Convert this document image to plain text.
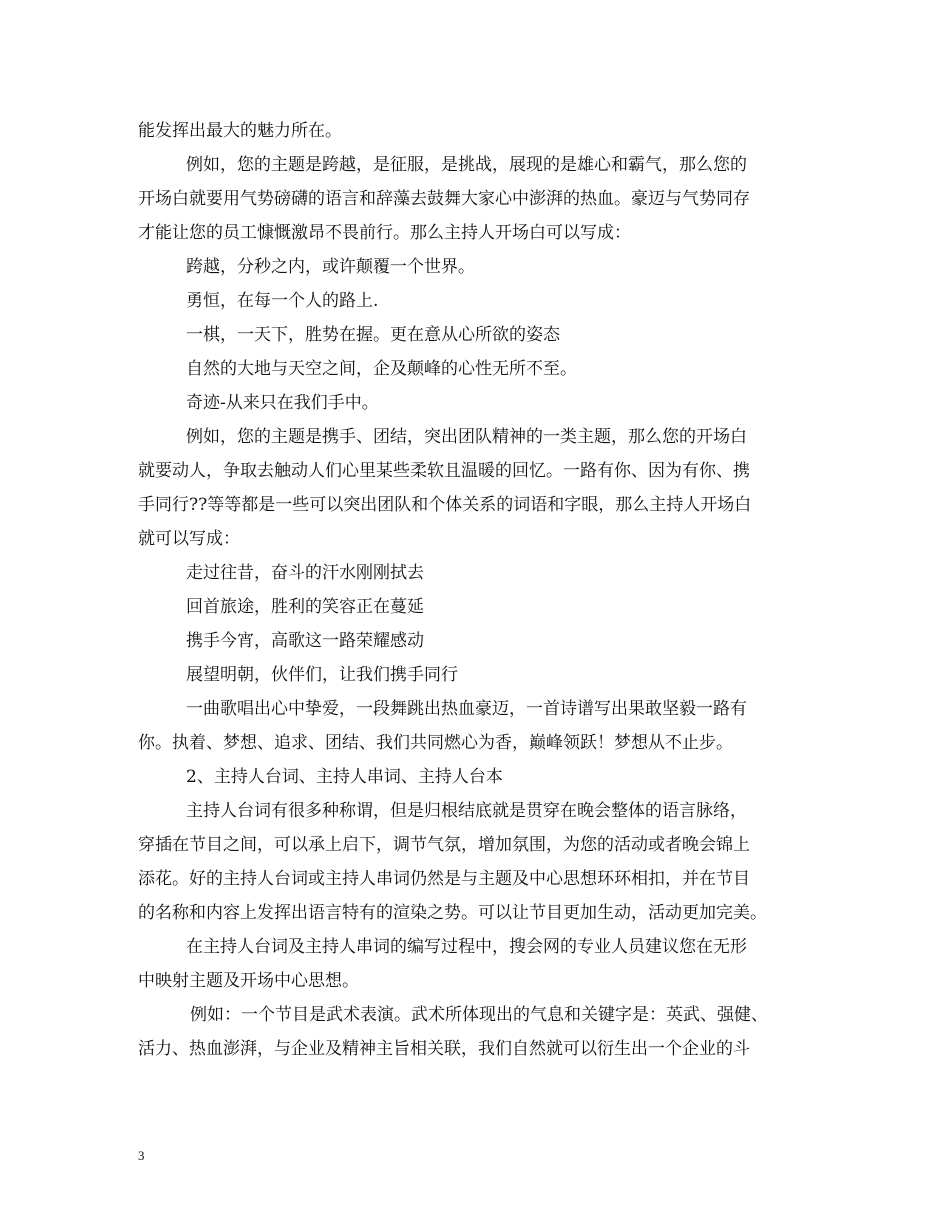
能发挥出最大的魅力所在。
例如，您的主题是跨越，是征服，是挑战，展现的是雄心和霸气，那么您的
开场白就要用气势磅礴的语言和辞藻去鼓舞大家心中澎湃的热血。豪迈与气势同存
才能让您的员工慷慨激昂不畏前行。那么主持人开场白可以写成：
跨越，分秒之内，或许颠覆一个世界。
勇恒，在每一个人的路上.
一棋，一天下，胜势在握。更在意从心所欲的姿态
自然的大地与天空之间，企及颠峰的心性无所不至。
奇迹-从来只在我们手中。
例如，您的主题是携手、团结，突出团队精神的一类主题，那么您的开场白
就要动人，争取去触动人们心里某些柔软且温暖的回忆。一路有你、因为有你、携
手同行??等等都是一些可以突出团队和个体关系的词语和字眼，那么主持人开场白
就可以写成：
走过往昔，奋斗的汗水刚刚拭去
回首旅途，胜利的笑容正在蔓延
携手今宵，高歌这一路荣耀感动
展望明朝，伙伴们，让我们携手同行
一曲歌唱出心中挚爱，一段舞跳出热血豪迈，一首诗谱写出果敢坚毅一路有
你。执着、梦想、追求、团结、我们共同燃心为香，巅峰领跃！梦想从不止步。
2、主持人台词、主持人串词、主持人台本
主持人台词有很多种称谓，但是归根结底就是贯穿在晚会整体的语言脉络，
穿插在节目之间，可以承上启下，调节气氛，增加氛围，为您的活动或者晚会锦上
添花。好的主持人台词或主持人串词仍然是与主题及中心思想环环相扣，并在节目
的名称和内容上发挥出语言特有的渲染之势。可以让节目更加生动，活动更加完美。
在主持人台词及主持人串词的编写过程中，搜会网的专业人员建议您在无形
中映射主题及开场中心思想。
例如：一个节目是武术表演。武术所体现出的气息和关键字是：英武、强健、
活力、热血澎湃，与企业及精神主旨相关联，我们自然就可以衍生出一个企业的斗
3
